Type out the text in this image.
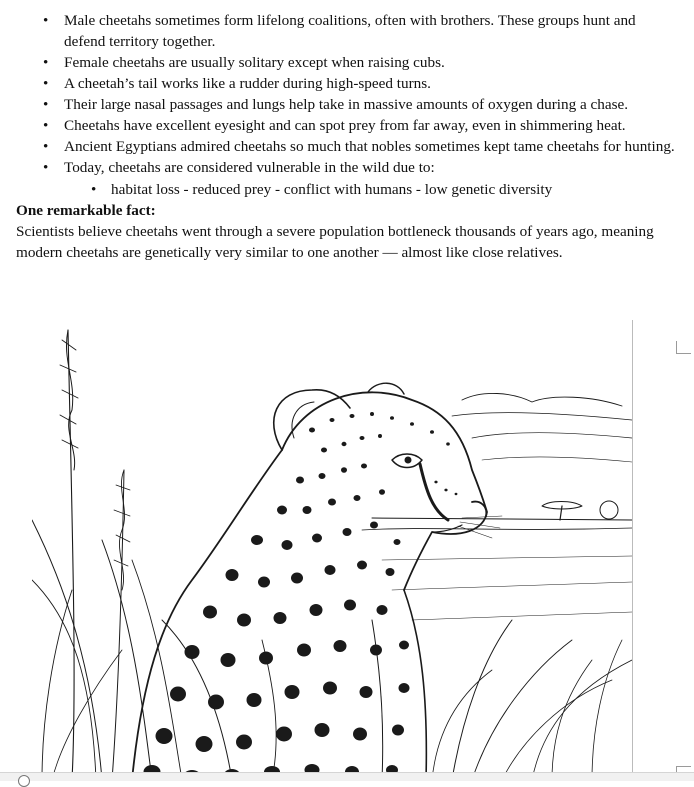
• Male cheetahs sometimes form lifelong coalitions, often with brothers. These groups hunt and defend territory together.
• Female cheetahs are usually solitary except when raising cubs.
• A cheetah’s tail works like a rudder during high-speed turns.
• Their large nasal passages and lungs help take in massive amounts of oxygen during a chase.
• Cheetahs have excellent eyesight and can spot prey from far away, even in shimmering heat.
• Ancient Egyptians admired cheetahs so much that nobles sometimes kept tame cheetahs for hunting.
• Today, cheetahs are considered vulnerable in the wild due to:
• habitat loss - reduced prey - conflict with humans - low genetic diversity
One remarkable fact:

Scientists believe cheetahs went through a severe population bottleneck thousands of years ago, meaning modern cheetahs are genetically very similar to one another — almost like close relatives.
